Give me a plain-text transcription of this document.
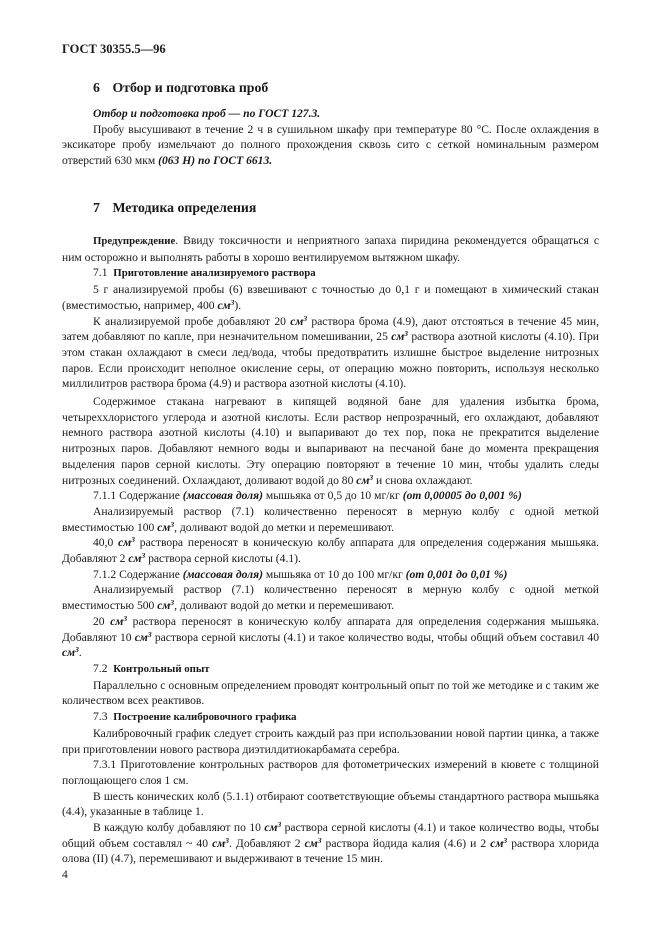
ГОСТ 30355.5—96
6 Отбор и подготовка проб

Отбор и подготовка проб — по ГОСТ 127.3.

Пробу высушивают в течение 2 ч в сушильном шкафу при температуре 80 °С. После охлаждения в эксикаторе пробу измельчают до полного прохождения сквозь сито с сеткой номинальным размером отверстий 630 мкм (063 Н) по ГОСТ 6613.

7 Методика определения

Предупреждение. Ввиду токсичности и неприятного запаха пиридина рекомендуется обращаться с ним осторожно и выполнять работы в хорошо вентилируемом вытяжном шкафу.

7.1 Приготовление анализируемого раствора

5 г анализируемой пробы (6) взвешивают с точностью до 0,1 г и помещают в химический стакан (вместимостью, например, 400 $см^3$).

К анализируемой пробе добавляют 20 $см^3$ раствора брома (4.9), дают отстояться в течение 45 мин, затем добавляют по капле, при незначительном помешивании, 25 $см^3$ раствора азотной кислоты (4.10). При этом стакан охлаждают в смеси лед/вода, чтобы предотвратить излишне быстрое выделение нитрозных паров. Если происходит неполное окисление серы, от операцию можно повторить, используя несколько миллилитров раствора брома (4.9) и раствора азотной кислоты (4.10).

Содержимое стакана нагревают в кипящей водяной бане для удаления избытка брома, четыреххлористого углерода и азотной кислоты. Если раствор непрозрачный, его охлаждают, добавляют немного раствора азотной кислоты (4.10) и выпаривают до тех пор, пока не прекратится выделение нитрозных паров. Добавляют немного воды и выпаривают на песчаной бане до момента прекращения выделения паров серной кислоты. Эту операцию повторяют в течение 10 мин, чтобы удалить следы нитрозных соединений. Охлаждают, доливают водой до 80 $см^3$ и снова охлаждают.

7.1.1 Содержание (массовая доля) мышьяка от 0,5 до 10 мг/кг (от 0,00005 до 0,001 %)

Анализируемый раствор (7.1) количественно переносят в мерную колбу с одной меткой вместимостью 100 $см^3$, доливают водой до метки и перемешивают.

40,0 $см^3$ раствора переносят в коническую колбу аппарата для определения содержания мышьяка. Добавляют 2 $см^3$ раствора серной кислоты (4.1).

7.1.2 Содержание (массовая доля) мышьяка от 10 до 100 мг/кг (от 0,001 до 0,01 %)

Анализируемый раствор (7.1) количественно переносят в мерную колбу с одной меткой вместимостью 500 $см^3$, доливают водой до метки и перемешивают.

20 $см^3$ раствора переносят в коническую колбу аппарата для определения содержания мышьяка. Добавляют 10 $см^3$ раствора серной кислоты (4.1) и такое количество воды, чтобы общий объем составил 40 $см^3$.

7.2 Контрольный опыт

Параллельно с основным определением проводят контрольный опыт по той же методике и с таким же количеством всех реактивов.

7.3 Построение калибровочного графика

Калибровочный график следует строить каждый раз при использовании новой партии цинка, а также при приготовлении нового раствора диэтилдитиокарбамата серебра.

7.3.1 Приготовление контрольных растворов для фотометрических измерений в кювете с толщиной поглощающего слоя 1 см.

В шесть конических колб (5.1.1) отбирают соответствующие объемы стандартного раствора мышьяка (4.4), указанные в таблице 1.

В каждую колбу добавляют по 10 $см^3$ раствора серной кислоты (4.1) и такое количество воды, чтобы общий объем составлял ~ 40 $см^3$. Добавляют 2 $см^3$ раствора йодида калия (4.6) и 2 $см^3$ раствора хлорида олова (II) (4.7), перемешивают и выдерживают в течение 15 мин.

4
